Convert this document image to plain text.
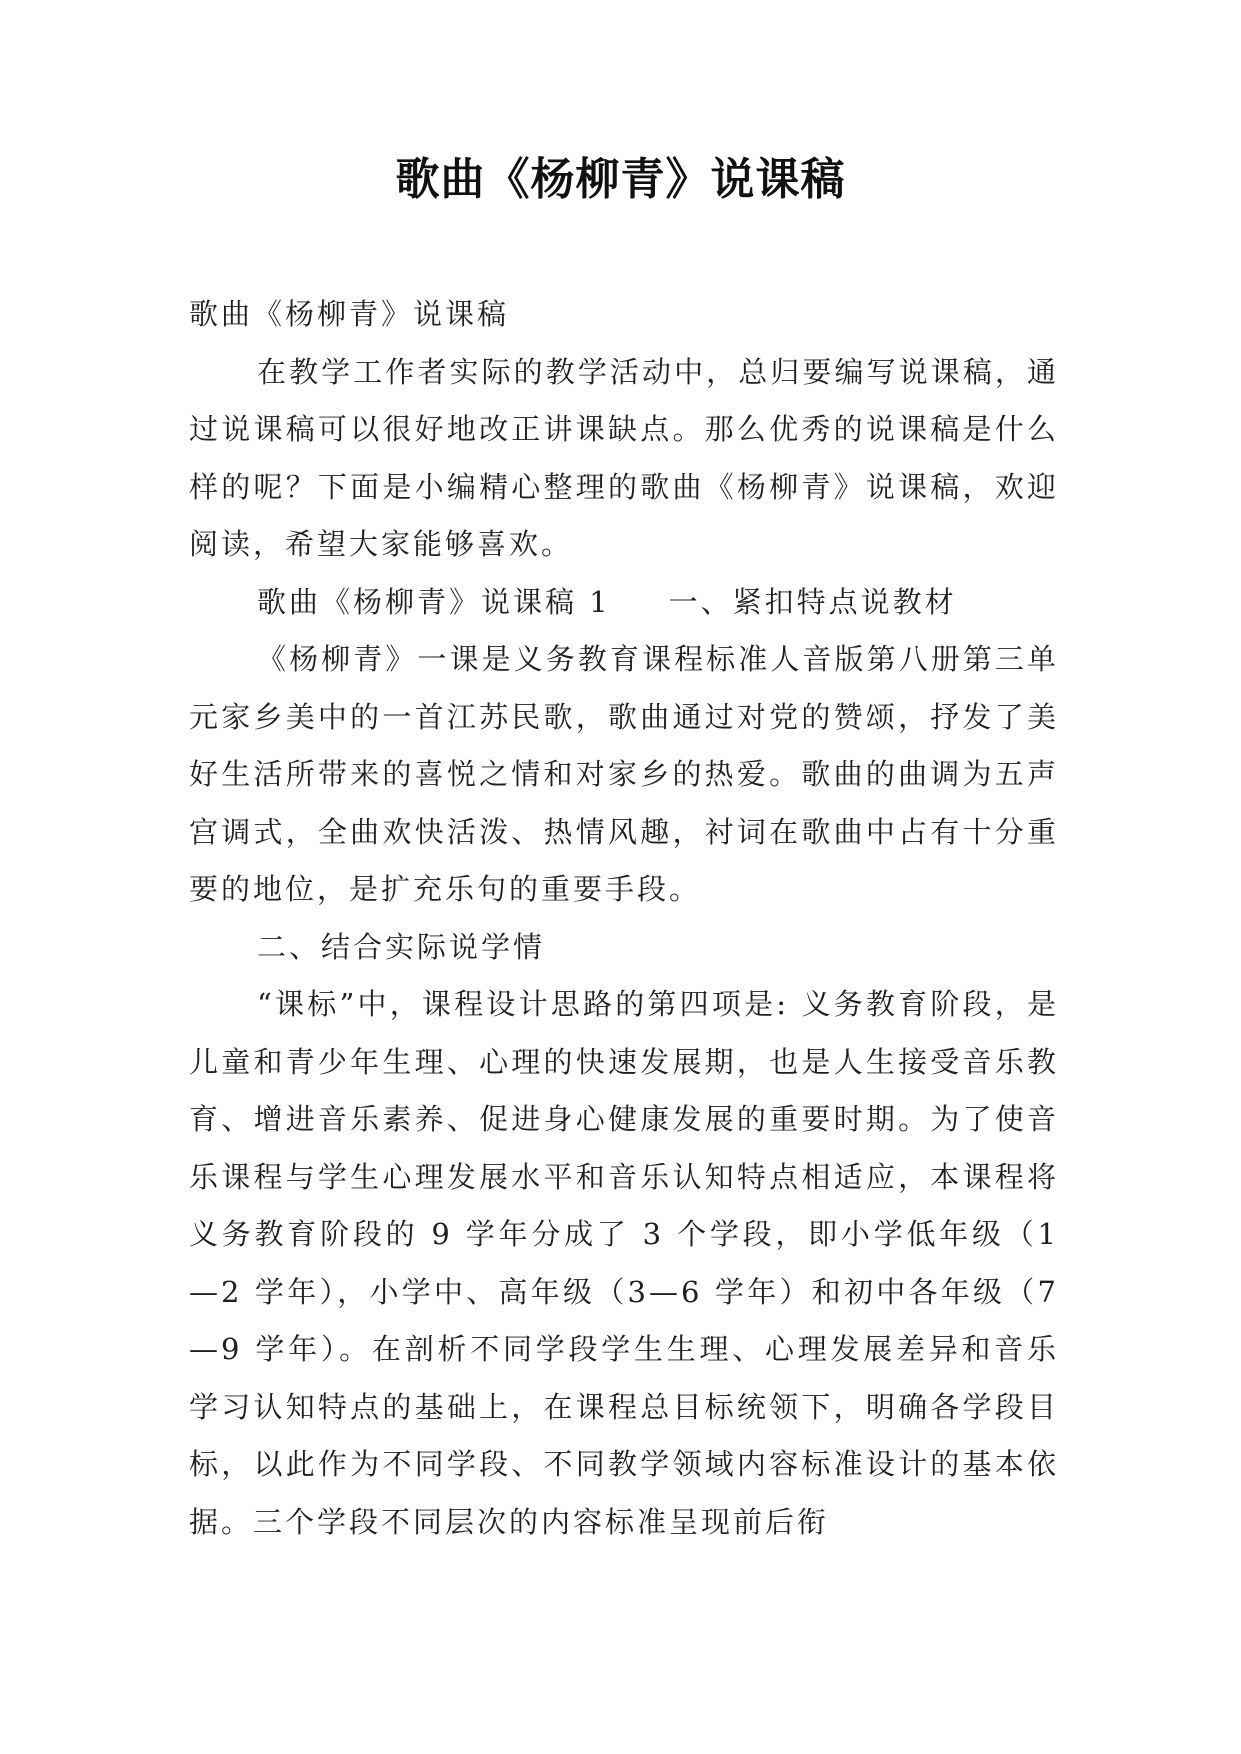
歌曲《杨柳青》说课稿

歌曲《杨柳青》说课稿

在教学工作者实际的教学活动中，总归要编写说课稿，通过说课稿可以很好地改正讲课缺点。那么优秀的说课稿是什么样的呢？下面是小编精心整理的歌曲《杨柳青》说课稿，欢迎阅读，希望大家能够喜欢。

歌曲《杨柳青》说课稿 1 一、紧扣特点说教材

《杨柳青》一课是义务教育课程标准人音版第八册第三单元家乡美中的一首江苏民歌，歌曲通过对党的赞颂，抒发了美好生活所带来的喜悦之情和对家乡的热爱。歌曲的曲调为五声宫调式，全曲欢快活泼、热情风趣，衬词在歌曲中占有十分重要的地位，是扩充乐句的重要手段。

二、结合实际说学情

“课标”中，课程设计思路的第四项是: 义务教育阶段，是儿童和青少年生理、心理的快速发展期，也是人生接受音乐教育、增进音乐素养、促进身心健康发展的重要时期。为了使音乐课程与学生心理发展水平和音乐认知特点相适应，本课程将义务教育阶段的 9 学年分成了 3 个学段，即小学低年级（1—2 学年），小学中、高年级（3—6 学年）和初中各年级（7—9 学年）。在剖析不同学段学生生理、心理发展差异和音乐学习认知特点的基础上，在课程总目标统领下，明确各学段目标，以此作为不同学段、不同教学领域内容标准设计的基本依据。三个学段不同层次的内容标准呈现前后衔
